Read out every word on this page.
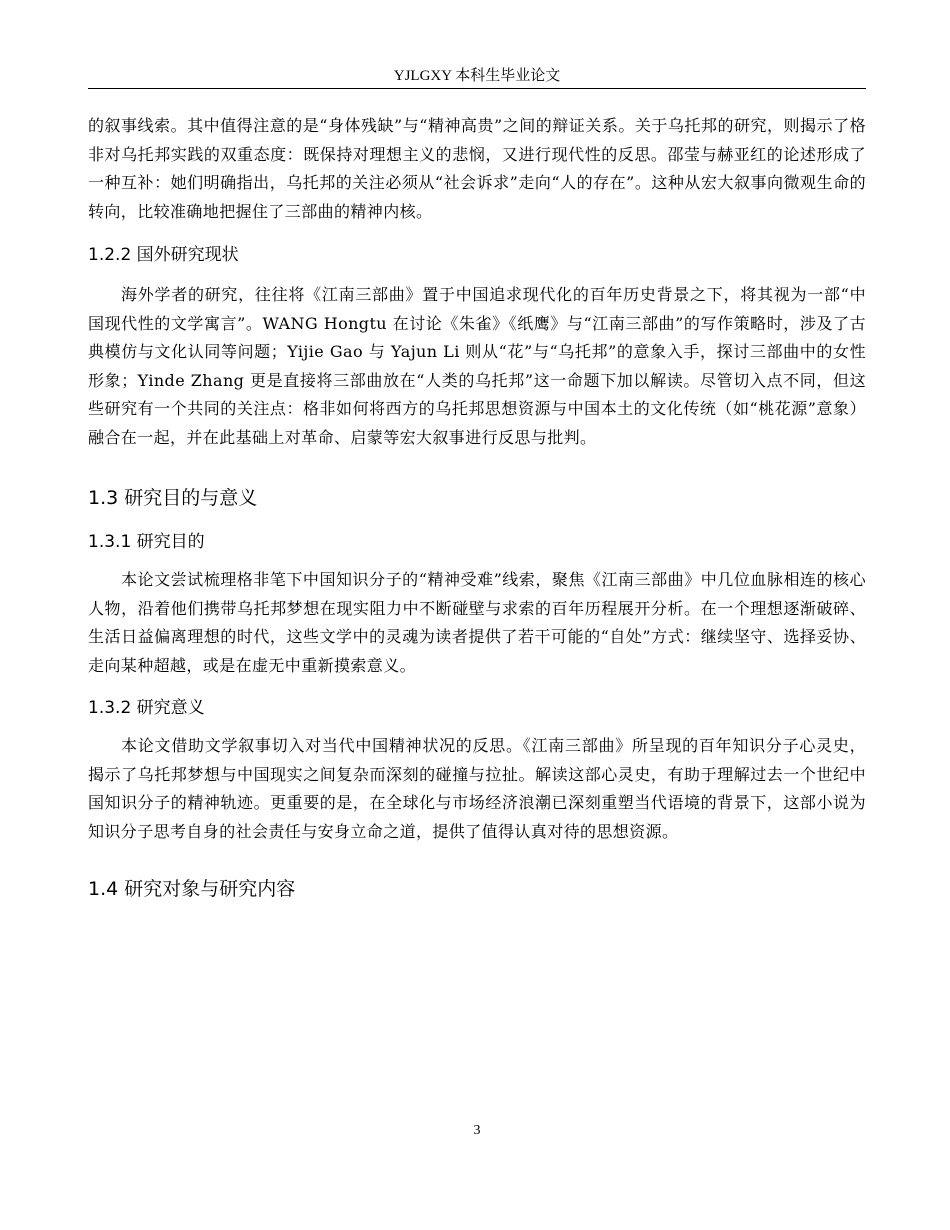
YJLGXY 本科生毕业论文

的叙事线索。其中值得注意的是“身体残缺”与“精神高贵”之间的辩证关系。关于乌托邦的研究，则揭示了格非对乌托邦实践的双重态度：既保持对理想主义的悲悯，又进行现代性的反思。邵莹与赫亚红的论述形成了一种互补：她们明确指出，乌托邦的关注必须从“社会诉求”走向“人的存在”。这种从宏大叙事向微观生命的转向，比较准确地把握住了三部曲的精神内核。

1.2.2 国外研究现状

海外学者的研究，往往将《江南三部曲》置于中国追求现代化的百年历史背景之下，将其视为一部“中国现代性的文学寓言”。WANG Hongtu 在讨论《朱雀》《纸鹰》与“江南三部曲”的写作策略时，涉及了古典模仿与文化认同等问题；Yijie Gao 与 Yajun Li 则从“花”与“乌托邦”的意象入手，探讨三部曲中的女性形象；Yinde Zhang 更是直接将三部曲放在“人类的乌托邦”这一命题下加以解读。尽管切入点不同，但这些研究有一个共同的关注点：格非如何将西方的乌托邦思想资源与中国本土的文化传统（如“桃花源”意象）融合在一起，并在此基础上对革命、启蒙等宏大叙事进行反思与批判。

1.3 研究目的与意义
1.3.1 研究目的

本论文尝试梳理格非笔下中国知识分子的“精神受难”线索，聚焦《江南三部曲》中几位血脉相连的核心人物，沿着他们携带乌托邦梦想在现实阻力中不断碰壁与求索的百年历程展开分析。在一个理想逐渐破碎、生活日益偏离理想的时代，这些文学中的灵魂为读者提供了若干可能的“自处”方式：继续坚守、选择妥协、走向某种超越，或是在虚无中重新摸索意义。

1.3.2 研究意义

本论文借助文学叙事切入对当代中国精神状况的反思。《江南三部曲》所呈现的百年知识分子心灵史，揭示了乌托邦梦想与中国现实之间复杂而深刻的碰撞与拉扯。解读这部心灵史，有助于理解过去一个世纪中国知识分子的精神轨迹。更重要的是，在全球化与市场经济浪潮已深刻重塑当代语境的背景下，这部小说为知识分子思考自身的社会责任与安身立命之道，提供了值得认真对待的思想资源。

1.4 研究对象与研究内容
3
